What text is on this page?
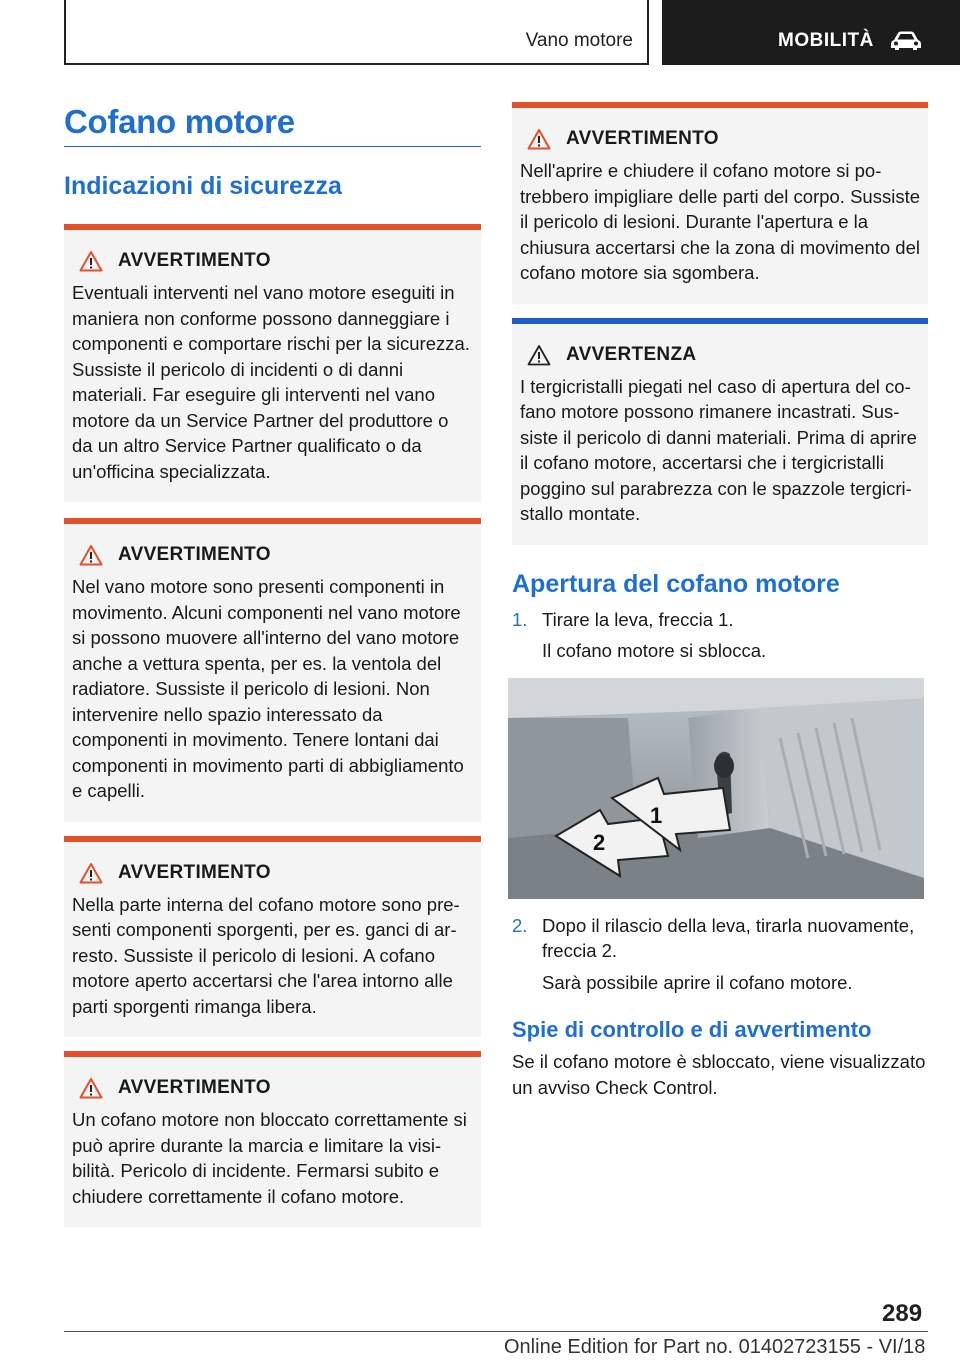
Vano motore	MOBILITÀ
Cofano motore
Indicazioni di sicurezza
AVVERTIMENTO

Eventuali interventi nel vano motore eseguiti in maniera non conforme possono danneggiare i componenti e comportare rischi per la sicurezza. Sussiste il pericolo di incidenti o di danni materiali. Far eseguire gli interventi nel vano motore da un Service Partner del produttore o da un altro Service Partner qualificato o da un'officina specializzata.

AVVERTIMENTO

Nel vano motore sono presenti componenti in movimento. Alcuni componenti nel vano motore si possono muovere all'interno del vano motore anche a vettura spenta, per es. la ventola del radiatore. Sussiste il pericolo di lesioni. Non intervenire nello spazio interessato da componenti in movimento. Tenere lontani dai componenti in movimento parti di abbigliamento e capelli.

AVVERTIMENTO

Nella parte interna del cofano motore sono presenti componenti sporgenti, per es. ganci di arresto. Sussiste il pericolo di lesioni. A cofano motore aperto accertarsi che l'area intorno alle parti sporgenti rimanga libera.

AVVERTIMENTO

Un cofano motore non bloccato correttamente si può aprire durante la marcia e limitare la visibilità. Pericolo di incidente. Fermarsi subito e chiudere correttamente il cofano motore.

AVVERTIMENTO

Nell'aprire e chiudere il cofano motore si potrebbero impigliare delle parti del corpo. Sussiste il pericolo di lesioni. Durante l'apertura e la chiusura accertarsi che la zona di movimento del cofano motore sia sgombera.

AVVERTENZA

I tergicristalli piegati nel caso di apertura del cofano motore possono rimanere incastrati. Sussiste il pericolo di danni materiali. Prima di aprire il cofano motore, accertarsi che i tergicristalli poggino sul parabrezza con le spazzole tergicristallo montate.

Apertura del cofano motore
1. Tirare la leva, freccia 1.

Il cofano motore si sblocca.

2
1
2. Dopo il rilascio della leva, tirarla nuovamente, freccia 2.

Sarà possibile aprire il cofano motore.

Spie di controllo e di avvertimento

Se il cofano motore è sbloccato, viene visualizzato un avviso Check Control.

289
Online Edition for Part no. 01402723155 - VI/18
